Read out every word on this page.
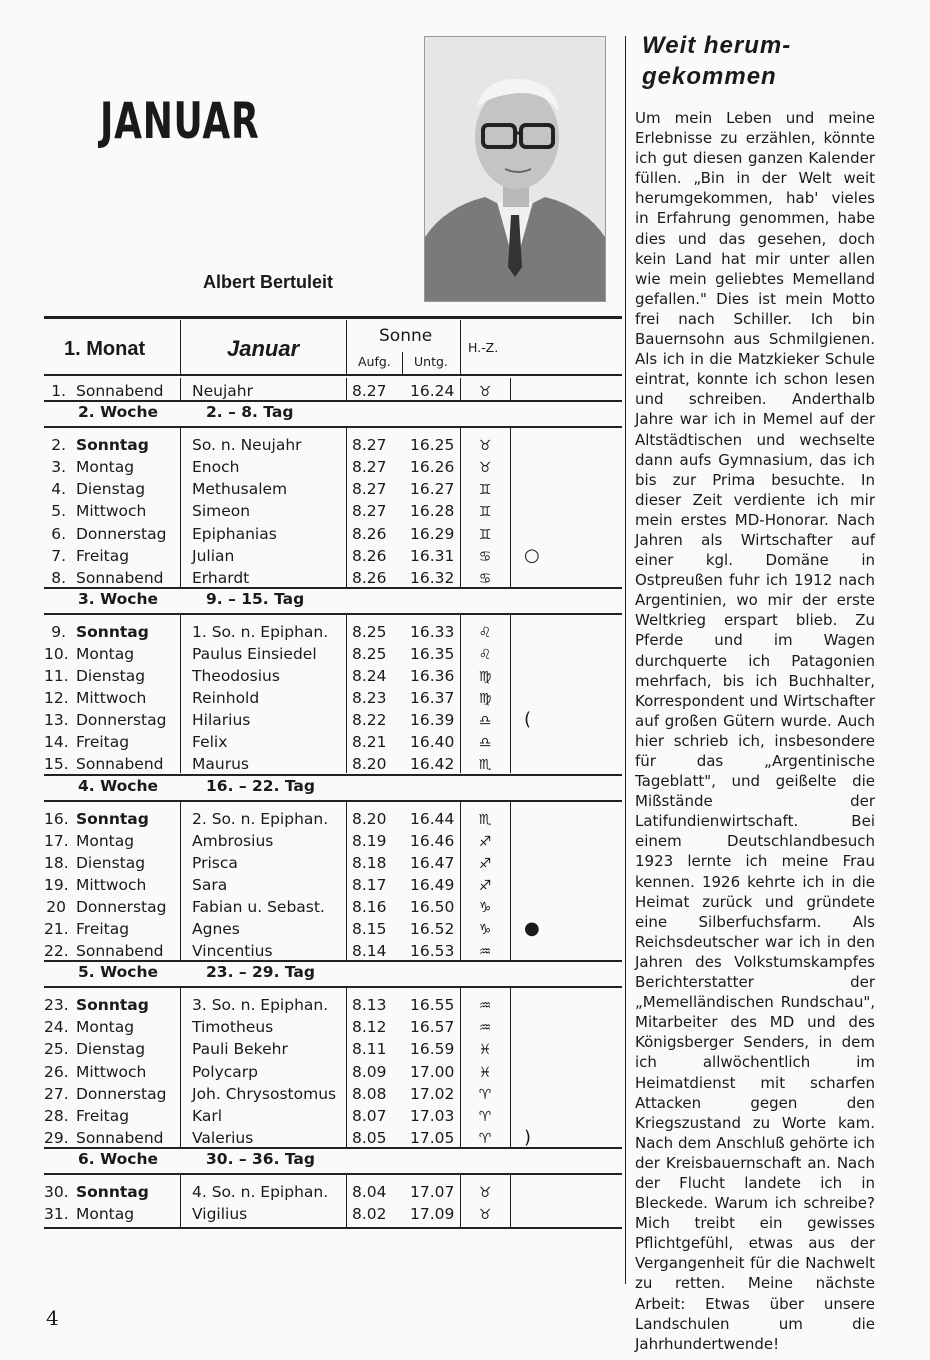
JANUAR
Albert Bertuleit
Weit herum-
gekommen

Um mein Leben und meine Erlebnisse zu erzählen, könnte ich gut diesen ganzen Kalender füllen. „Bin in der Welt weit herumgekommen, hab' vieles in Erfahrung genommen, habe dies und das gesehen, doch kein Land hat mir unter allen wie mein geliebtes Memelland gefallen." Dies ist mein Motto frei nach Schiller. Ich bin Bauernsohn aus Schmilgienen. Als ich in die Matzkieker Schule eintrat, konnte ich schon lesen und schreiben. Anderthalb Jahre war ich in Memel auf der Altstädtischen und wechselte dann aufs Gymnasium, das ich bis zur Prima besuchte. In dieser Zeit verdiente ich mir mein erstes MD-Honorar. Nach Jahren als Wirtschafter auf einer kgl. Domäne in Ostpreußen fuhr ich 1912 nach Argentinien, wo mir der erste Weltkrieg erspart blieb. Zu Pferde und im Wagen durchquerte ich Patagonien mehrfach, bis ich Buchhalter, Korrespondent und Wirtschafter auf großen Gütern wurde. Auch hier schrieb ich, insbesondere für das „Argentinische Tageblatt", und geißelte die Mißstände der Latifundienwirtschaft. Bei einem Deutschlandbesuch 1923 lernte ich meine Frau kennen. 1926 kehrte ich in die Heimat zurück und gründete eine Silberfuchsfarm. Als Reichsdeutscher war ich in den Jahren des Volkstumskampfes Berichterstatter der „Memelländischen Rundschau", Mitarbeiter des MD und des Königsberger Senders, in dem ich allwöchentlich im Heimatdienst mit scharfen Attacken gegen den Kriegszustand zu Worte kam. Nach dem Anschluß gehörte ich der Kreisbauernschaft an. Nach der Flucht landete ich in Bleckede. Warum ich schreibe? Mich treibt ein gewisses Pflichtgefühl, etwas aus der Vergangenheit für die Nachwelt zu retten. Meine nächste Arbeit: Etwas über unsere Landschulen um die Jahrhundertwende!

1. Monat	Januar	Sonne
Aufg. Untg.
H.-Z.
1. Sonnabend Neujahr	8.27 16.24	♉
2. Woche	2. – 8. Tag
2. Sonntag	So. n. Neujahr	8.27 16.25	♉
3. Montag	Enoch	8.27 16.26	♉
4. Dienstag	Methusalem	8.27 16.27	♊
5. Mittwoch	Simeon	8.27 16.28	♊
6. Donnerstag Epiphanias	8.26 16.29	♊
7. Freitag	Julian	8.26 16.31	♋ ○
8. Sonnabend Erhardt	8.26 16.32	♋
3. Woche	9. – 15. Tag
9. Sonntag	1. So. n. Epiphan. 8.25 16.33	♌
10. Montag	Paulus Einsiedel 8.25 16.35	♌
11. Dienstag	Theodosius	8.24 16.36	♍
12. Mittwoch	Reinhold	8.23 16.37	♍
13. Donnerstag Hilarius	8.22 16.39	♎ (
14. Freitag	Felix	8.21 16.40	♎
15. Sonnabend Maurus	8.20 16.42	♏
4. Woche	16. – 22. Tag
16. Sonntag	2. So. n. Epiphan. 8.20 16.44	♏
17. Montag	Ambrosius	8.19 16.46	♐
18. Dienstag	Prisca	8.18 16.47	♐
19. Mittwoch	Sara	8.17 16.49	♐
20 Donnerstag Fabian u. Sebast. 8.16 16.50	♑
21. Freitag	Agnes	8.15 16.52	♑ ●
22. Sonnabend Vincentius	8.14 16.53	♒
5. Woche	23. – 29. Tag
23. Sonntag	3. So. n. Epiphan. 8.13 16.55	♒
24. Montag	Timotheus	8.12 16.57	♒
25. Dienstag	Pauli Bekehr	8.11 16.59	♓
26. Mittwoch	Polycarp	8.09 17.00	♓
27. Donnerstag Joh. Chrysostomus 8.08 17.02	♈
28. Freitag	Karl	8.07 17.03	♈
29. Sonnabend Valerius	8.05 17.05	♈ )
6. Woche	30. – 36. Tag
30. Sonntag	4. So. n. Epiphan. 8.04 17.07	♉
31. Montag	Vigilius	8.02 17.09	♉
4
